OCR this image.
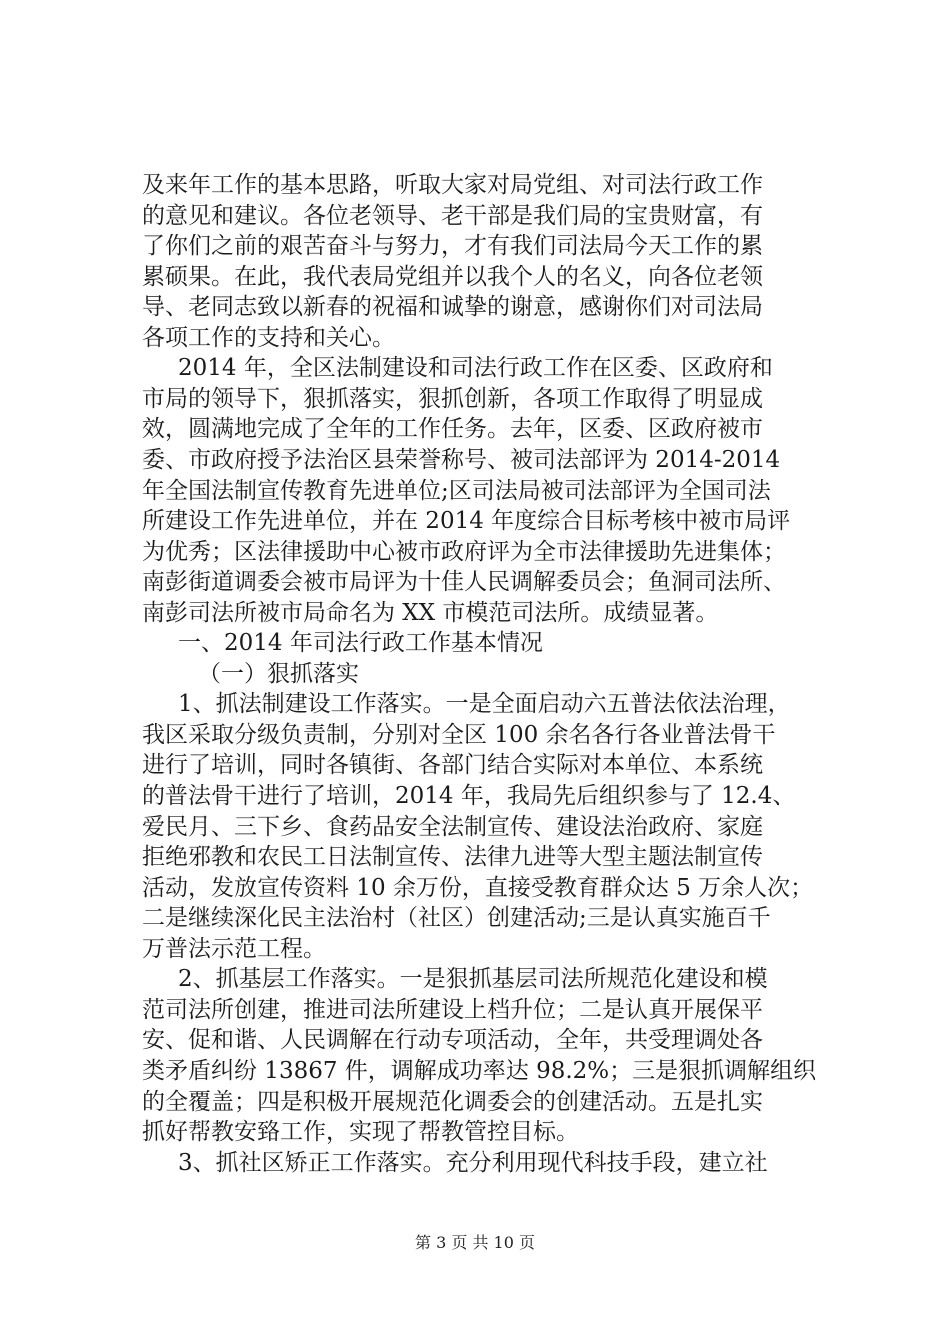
及来年工作的基本思路，听取大家对局党组、对司法行政工作
的意见和建议。各位老领导、老干部是我们局的宝贵财富，有
了你们之前的艰苦奋斗与努力，才有我们司法局今天工作的累
累硕果。在此，我代表局党组并以我个人的名义，向各位老领
导、老同志致以新春的祝福和诚挚的谢意，感谢你们对司法局
各项工作的支持和关心。
2014 年，全区法制建设和司法行政工作在区委、区政府和
市局的领导下，狠抓落实，狠抓创新，各项工作取得了明显成
效，圆满地完成了全年的工作任务。去年，区委、区政府被市
委、市政府授予法治区县荣誉称号、被司法部评为 2014-2014
年全国法制宣传教育先进单位;区司法局被司法部评为全国司法
所建设工作先进单位，并在 2014 年度综合目标考核中被市局评
为优秀；区法律援助中心被市政府评为全市法律援助先进集体；
南彭街道调委会被市局评为十佳人民调解委员会；鱼洞司法所、
南彭司法所被市局命名为 XX 市模范司法所。成绩显著。
一、2014 年司法行政工作基本情况
（一）狠抓落实
1、抓法制建设工作落实。一是全面启动六五普法依法治理，
我区采取分级负责制，分别对全区 100 余名各行各业普法骨干
进行了培训，同时各镇街、各部门结合实际对本单位、本系统
的普法骨干进行了培训，2014 年，我局先后组织参与了 12.4、
爱民月、三下乡、食药品安全法制宣传、建设法治政府、家庭
拒绝邪教和农民工日法制宣传、法律九进等大型主题法制宣传
活动，发放宣传资料 10 余万份，直接受教育群众达 5 万余人次；
二是继续深化民主法治村（社区）创建活动;三是认真实施百千
万普法示范工程。
2、抓基层工作落实。一是狠抓基层司法所规范化建设和模
范司法所创建，推进司法所建设上档升位；二是认真开展保平
安、促和谐、人民调解在行动专项活动，全年，共受理调处各
类矛盾纠纷 13867 件，调解成功率达 98.2%；三是狠抓调解组织
的全覆盖；四是积极开展规范化调委会的创建活动。五是扎实
抓好帮教安臵工作，实现了帮教管控目标。
3、抓社区矫正工作落实。充分利用现代科技手段，建立社
第 3 页 共 10 页
